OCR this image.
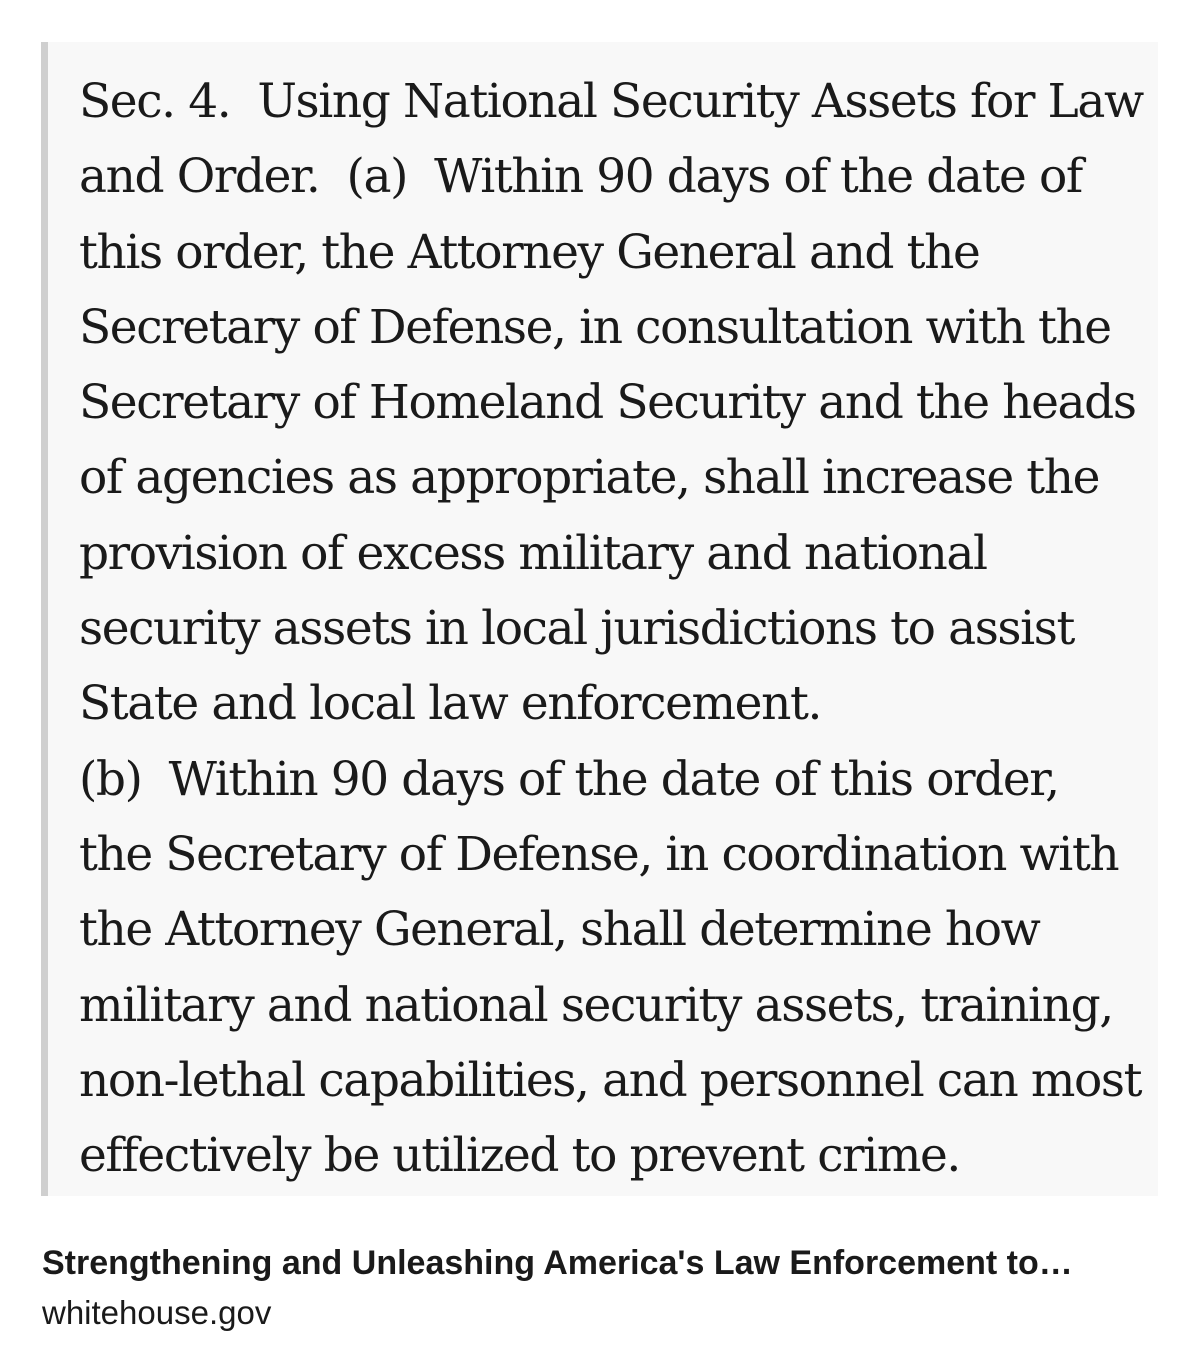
Sec. 4.  Using National Security Assets for Law
and Order.  (a)  Within 90 days of the date of
this order, the Attorney General and the
Secretary of Defense, in consultation with the
Secretary of Homeland Security and the heads
of agencies as appropriate, shall increase the
provision of excess military and national
security assets in local jurisdictions to assist
State and local law enforcement.
(b)  Within 90 days of the date of this order,
the Secretary of Defense, in coordination with
the Attorney General, shall determine how
military and national security assets, training,
non-lethal capabilities, and personnel can most
effectively be utilized to prevent crime.

Strengthening and Unleashing America's Law Enforcement to…

whitehouse.gov
